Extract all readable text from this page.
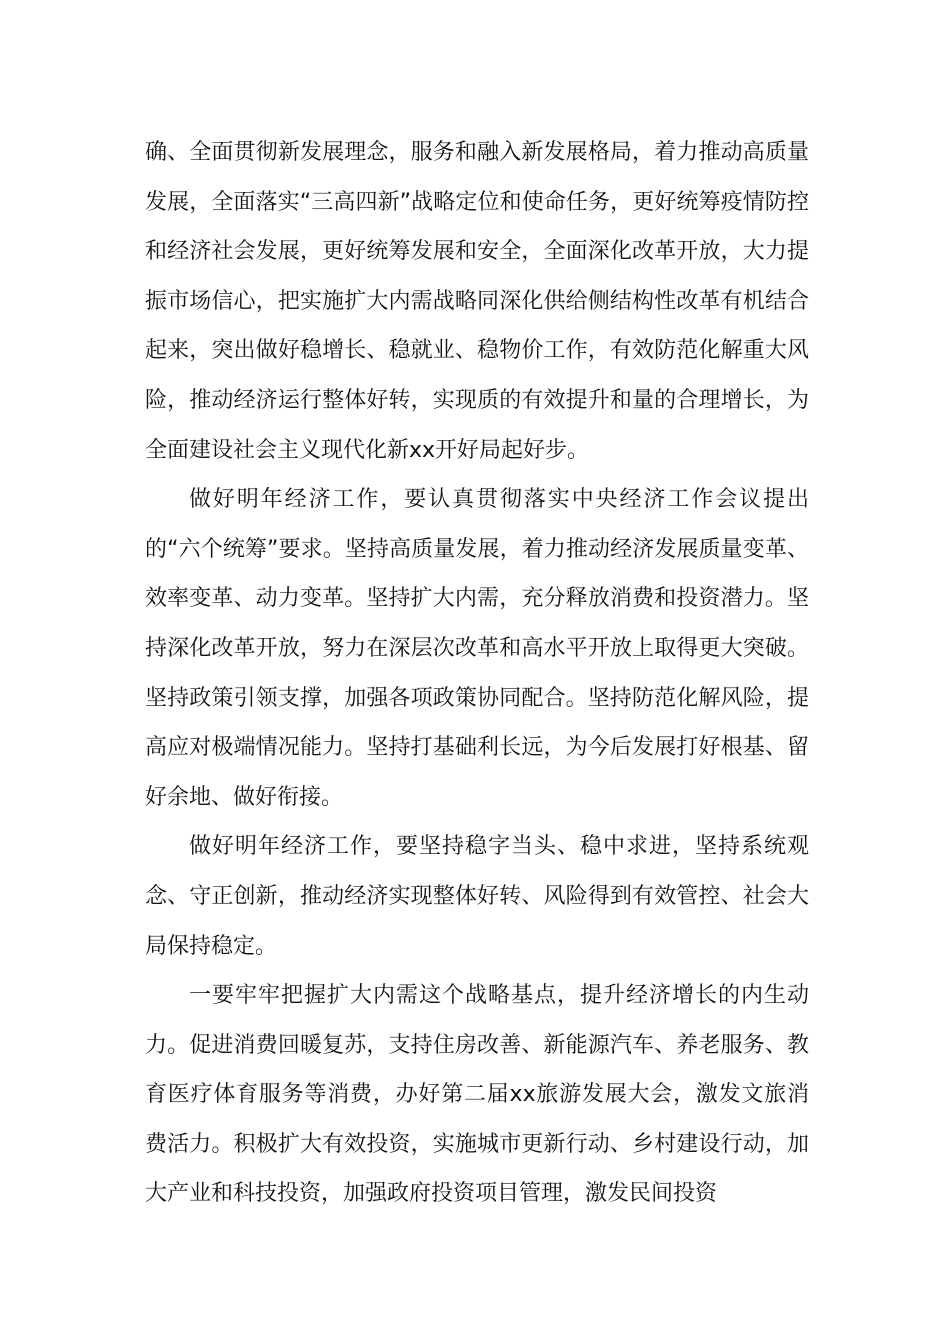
确、全面贯彻新发展理念，服务和融入新发展格局，着力推动高质量发展，全面落实“三高四新”战略定位和使命任务，更好统筹疫情防控和经济社会发展，更好统筹发展和安全，全面深化改革开放，大力提振市场信心，把实施扩大内需战略同深化供给侧结构性改革有机结合起来，突出做好稳增长、稳就业、稳物价工作，有效防范化解重大风险，推动经济运行整体好转，实现质的有效提升和量的合理增长，为全面建设社会主义现代化新xx开好局起好步。

做好明年经济工作，要认真贯彻落实中央经济工作会议提出的“六个统筹”要求。坚持高质量发展，着力推动经济发展质量变革、效率变革、动力变革。坚持扩大内需，充分释放消费和投资潜力。坚持深化改革开放，努力在深层次改革和高水平开放上取得更大突破。坚持政策引领支撑，加强各项政策协同配合。坚持防范化解风险，提高应对极端情况能力。坚持打基础利长远，为今后发展打好根基、留好余地、做好衔接。

做好明年经济工作，要坚持稳字当头、稳中求进，坚持系统观念、守正创新，推动经济实现整体好转、风险得到有效管控、社会大局保持稳定。

一要牢牢把握扩大内需这个战略基点，提升经济增长的内生动力。促进消费回暖复苏，支持住房改善、新能源汽车、养老服务、教育医疗体育服务等消费，办好第二届xx旅游发展大会，激发文旅消费活力。积极扩大有效投资，实施城市更新行动、乡村建设行动，加大产业和科技投资，加强政府投资项目管理，激发民间投资
